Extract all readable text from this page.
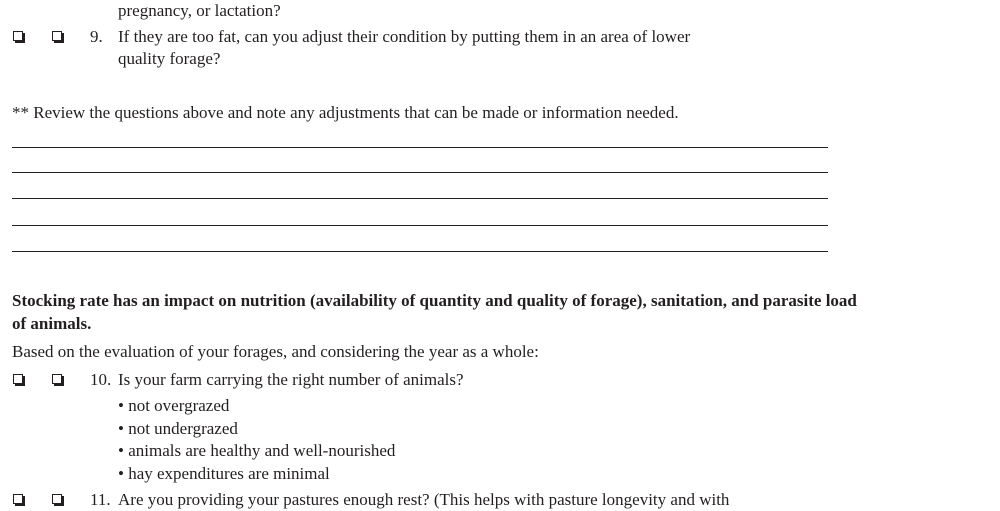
pregnancy, or lactation?
9. If they are too fat, can you adjust their condition by putting them in an area of lower
quality forage?
** Review the questions above and note any adjustments that can be made or information needed.
Stocking rate has an impact on nutrition (availability of quantity and quality of forage), sanitation, and parasite load
of animals.
Based on the evaluation of your forages, and considering the year as a whole:
10. Is your farm carrying the right number of animals?
• not overgrazed
• not undergrazed
• animals are healthy and well-nourished
• hay expenditures are minimal
11. Are you providing your pastures enough rest? (This helps with pasture longevity and with
